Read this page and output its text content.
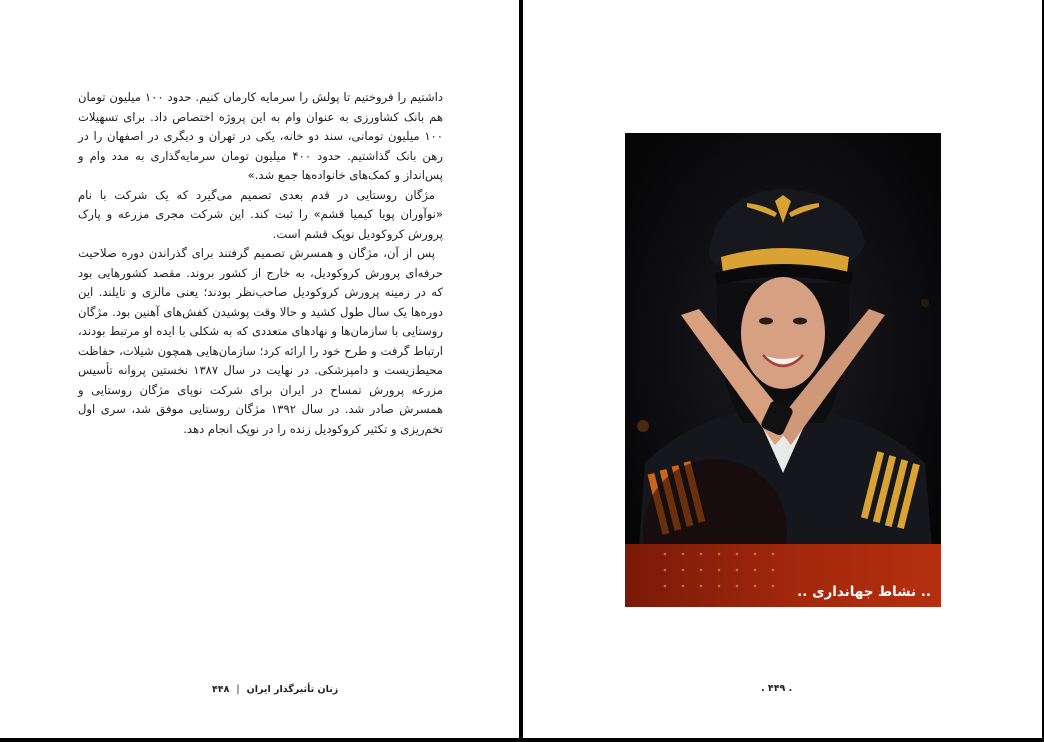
داشتیم را فروختیم تا پولش را سرمایه کارمان کنیم. حدود ۱۰۰ میلیون تومان هم بانک کشاورزی به عنوان وام به این پروژه اختصاص داد. برای تسهیلات ۱۰۰ میلیون تومانی، سند دو خانه، یکی در تهران و دیگری در اصفهان را در رهن بانک گذاشتیم. حدود ۴۰۰ میلیون تومان سرمایه‌گذاری به مدد وام و پس‌انداز و کمک‌های خانواده‌ها جمع شد.»

مژگان روستایی در قدم بعدی تصمیم می‌گیرد که یک شرکت با نام «نوآوران پویا کیمیا قشم» را ثبت کند. این شرکت مجری مزرعه و پارک پرورش کروکودیل نوپک قشم است.

پس از آن، مژگان و همسرش تصمیم گرفتند برای گذراندن دوره صلاحیت حرفه‌ای پرورش کروکودیل، به خارج از کشور بروند. مقصد کشورهایی بود که در زمینه پرورش کروکودیل صاحب‌نظر بودند؛ یعنی مالزی و تایلند. این دوره‌ها یک سال طول کشید و حالا وقت پوشیدن کفش‌های آهنین بود. مژگان روستایی با سازمان‌ها و نهادهای متعددی که به شکلی با ایده او مرتبط بودند، ارتباط گرفت و طرح خود را ارائه کرد؛ سازمان‌هایی همچون شیلات، حفاظت محیط‌زیست و دامپزشکی. در نهایت در سال ۱۳۸۷ نخستین پروانه تأسیس مزرعه پرورش تمساح در ایران برای شرکت نوپای مژگان روستایی و همسرش صادر شد. در سال ۱۳۹۲ مژگان روستایی موفق شد، سری اول تخم‌ریزی و تکثیر کروکودیل زنده را در نوپک انجام دهد.

زنان تأثیرگذار ایران|۴۴۸
.. نشاط جهانداری ..
. ۴۴۹ .
